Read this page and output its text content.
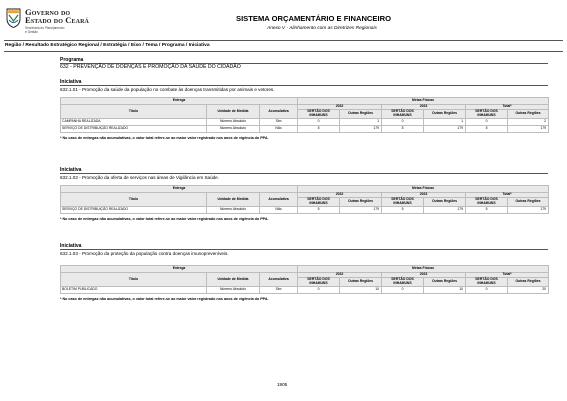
Governo do
Estado do Ceará
Secretaria do Planejamento
e Gestão
SISTEMA ORÇAMENTÁRIO E FINANCEIRO
Anexo V - Alinhamento com as Diretrizes Regionais
Região / Resultado Estratégico Regional / Estratégia / Eixo / Tema / Programa / Iniciativa
Programa
632 - PREVENÇÃO DE DOENÇAS E PROMOÇÃO DA SAÚDE DO CIDADÃO
Iniciativa
632.1.01 - Promoção da saúde da população no combate às doenças transmitidas por animais e vetores.
Entrega			Metas Físicas					
Título	Unidade de Medida	Acumulativa	2022		2023		Total*	
			SERTÃO DOS INHAMUNS	Outras Regiões	SERTÃO DOS INHAMUNS	Outras Regiões	SERTÃO DOS INHAMUNS	Outras Regiões
CAMPANHA REALIZADA	Número Absoluto	Sim	0	1	0	1	0	2
SERVIÇO DE DISTRIBUIÇÃO REALIZADO	Número Absoluto	Não	5	179	5	179	5	179
* No caso de entregas não acumulativas, o valor total refere-se ao maior valor registrado nos anos de vigência do PPA.
Iniciativa
632.1.02 - Promoção da oferta de serviços nas áreas de Vigilância em Saúde.
Entrega			Metas Físicas					
Título	Unidade de Medida	Acumulativa	2022		2023		Total*	
			SERTÃO DOS INHAMUNS	Outras Regiões	SERTÃO DOS INHAMUNS	Outras Regiões	SERTÃO DOS INHAMUNS	Outras Regiões
SERVIÇO DE DISTRIBUIÇÃO REALIZADO	Número Absoluto	Não	5	179	5	179	5	179
* No caso de entregas não acumulativas, o valor total refere-se ao maior valor registrado nos anos de vigência do PPA.
Iniciativa
632.1.03 - Promoção da proteção da população contra doenças imunopreveníveis.
Entrega			Metas Físicas					
Título	Unidade de Medida	Acumulativa	2022		2023		Total*	
			SERTÃO DOS INHAMUNS	Outras Regiões	SERTÃO DOS INHAMUNS	Outras Regiões	SERTÃO DOS INHAMUNS	Outras Regiões
BOLETIM PUBLICADO	Número Absoluto	Sim	0	10	0	10	0	20
* No caso de entregas não acumulativas, o valor total refere-se ao maior valor registrado nos anos de vigência do PPA.
1905
